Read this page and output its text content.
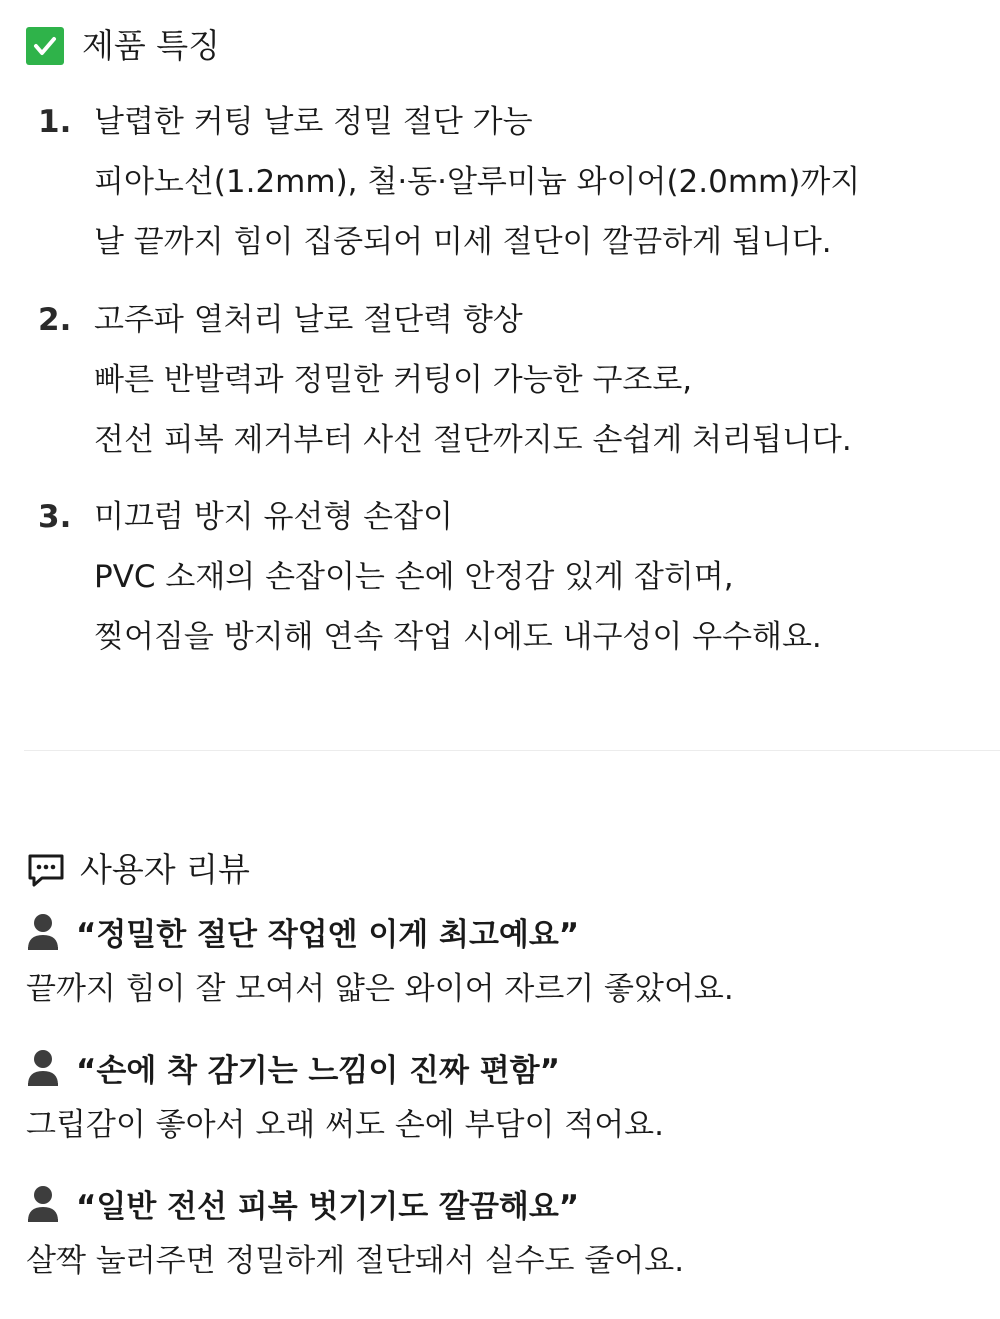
제품 특징
1. 날렵한 커팅 날로 정밀 절단 가능
피아노선(1.2mm), 철·동·알루미늄 와이어(2.0mm)까지
날 끝까지 힘이 집중되어 미세 절단이 깔끔하게 됩니다.
2. 고주파 열처리 날로 절단력 향상
빠른 반발력과 정밀한 커팅이 가능한 구조로,
전선 피복 제거부터 사선 절단까지도 손쉽게 처리됩니다.
3. 미끄럼 방지 유선형 손잡이
PVC 소재의 손잡이는 손에 안정감 있게 잡히며,
찢어짐을 방지해 연속 작업 시에도 내구성이 우수해요.
사용자 리뷰
“정밀한 절단 작업엔 이게 최고예요”
끝까지 힘이 잘 모여서 얇은 와이어 자르기 좋았어요.
“손에 착 감기는 느낌이 진짜 편함”
그립감이 좋아서 오래 써도 손에 부담이 적어요.
“일반 전선 피복 벗기기도 깔끔해요”
살짝 눌러주면 정밀하게 절단돼서 실수도 줄어요.
